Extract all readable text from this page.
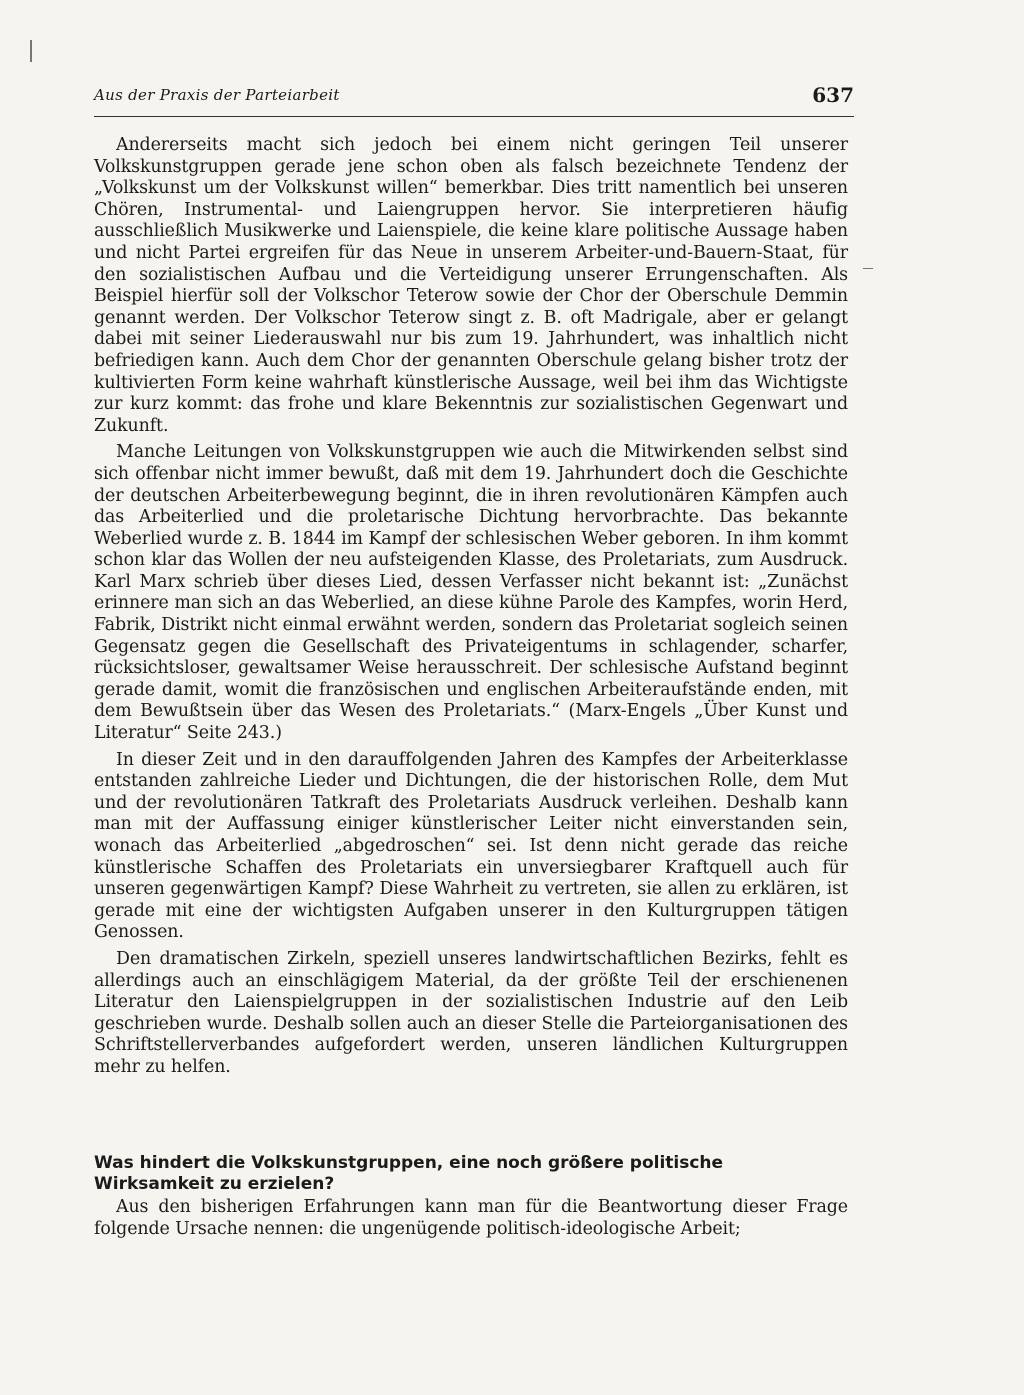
Aus der Praxis der Parteiarbeit	637

Andererseits macht sich jedoch bei einem nicht geringen Teil unserer Volkskunstgruppen gerade jene schon oben als falsch bezeichnete Tendenz der „Volkskunst um der Volkskunst willen“ bemerkbar. Dies tritt namentlich bei unseren Chören, Instrumental- und Laiengruppen hervor. Sie interpretieren häufig ausschließlich Musikwerke und Laienspiele, die keine klare politische Aussage haben und nicht Partei ergreifen für das Neue in unserem Arbeiter-und-Bauern-Staat, für den sozialistischen Aufbau und die Verteidigung unserer Errungenschaften. Als Beispiel hierfür soll der Volkschor Teterow sowie der Chor der Oberschule Demmin genannt werden. Der Volkschor Teterow singt z. B. oft Madrigale, aber er gelangt dabei mit seiner Liederauswahl nur bis zum 19. Jahrhundert, was inhaltlich nicht befriedigen kann. Auch dem Chor der genannten Oberschule gelang bisher trotz der kultivierten Form keine wahrhaft künstlerische Aussage, weil bei ihm das Wichtigste zur kurz kommt: das frohe und klare Bekenntnis zur sozialistischen Gegenwart und Zukunft.

Manche Leitungen von Volkskunstgruppen wie auch die Mitwirkenden selbst sind sich offenbar nicht immer bewußt, daß mit dem 19. Jahrhundert doch die Geschichte der deutschen Arbeiterbewegung beginnt, die in ihren revolutionären Kämpfen auch das Arbeiterlied und die proletarische Dichtung hervorbrachte. Das bekannte Weberlied wurde z. B. 1844 im Kampf der schlesischen Weber geboren. In ihm kommt schon klar das Wollen der neu aufsteigenden Klasse, des Proletariats, zum Ausdruck. Karl Marx schrieb über dieses Lied, dessen Verfasser nicht bekannt ist: „Zunächst erinnere man sich an das Weberlied, an diese kühne Parole des Kampfes, worin Herd, Fabrik, Distrikt nicht einmal erwähnt werden, sondern das Proletariat sogleich seinen Gegensatz gegen die Gesellschaft des Privateigentums in schlagender, scharfer, rücksichtsloser, gewaltsamer Weise herausschreit. Der schlesische Aufstand beginnt gerade damit, womit die französischen und englischen Arbeiteraufstände enden, mit dem Bewußtsein über das Wesen des Proletariats.“ (Marx-Engels „Über Kunst und Literatur“ Seite 243.)

In dieser Zeit und in den darauffolgenden Jahren des Kampfes der Arbeiterklasse entstanden zahlreiche Lieder und Dichtungen, die der historischen Rolle, dem Mut und der revolutionären Tatkraft des Proletariats Ausdruck verleihen. Deshalb kann man mit der Auffassung einiger künstlerischer Leiter nicht einverstanden sein, wonach das Arbeiterlied „abgedroschen“ sei. Ist denn nicht gerade das reiche künstlerische Schaffen des Proletariats ein unversiegbarer Kraftquell auch für unseren gegenwärtigen Kampf? Diese Wahrheit zu vertreten, sie allen zu erklären, ist gerade mit eine der wichtigsten Aufgaben unserer in den Kulturgruppen tätigen Genossen.

Den dramatischen Zirkeln, speziell unseres landwirtschaftlichen Bezirks, fehlt es allerdings auch an einschlägigem Material, da der größte Teil der erschienenen Literatur den Laienspielgruppen in der sozialistischen Industrie auf den Leib geschrieben wurde. Deshalb sollen auch an dieser Stelle die Parteiorganisationen des Schriftstellerverbandes aufgefordert werden, unseren ländlichen Kulturgruppen mehr zu helfen.

Was hindert die Volkskunstgruppen, eine noch größere politische Wirksamkeit zu erzielen?

Aus den bisherigen Erfahrungen kann man für die Beantwortung dieser Frage folgende Ursache nennen: die ungenügende politisch-ideologische Arbeit;
